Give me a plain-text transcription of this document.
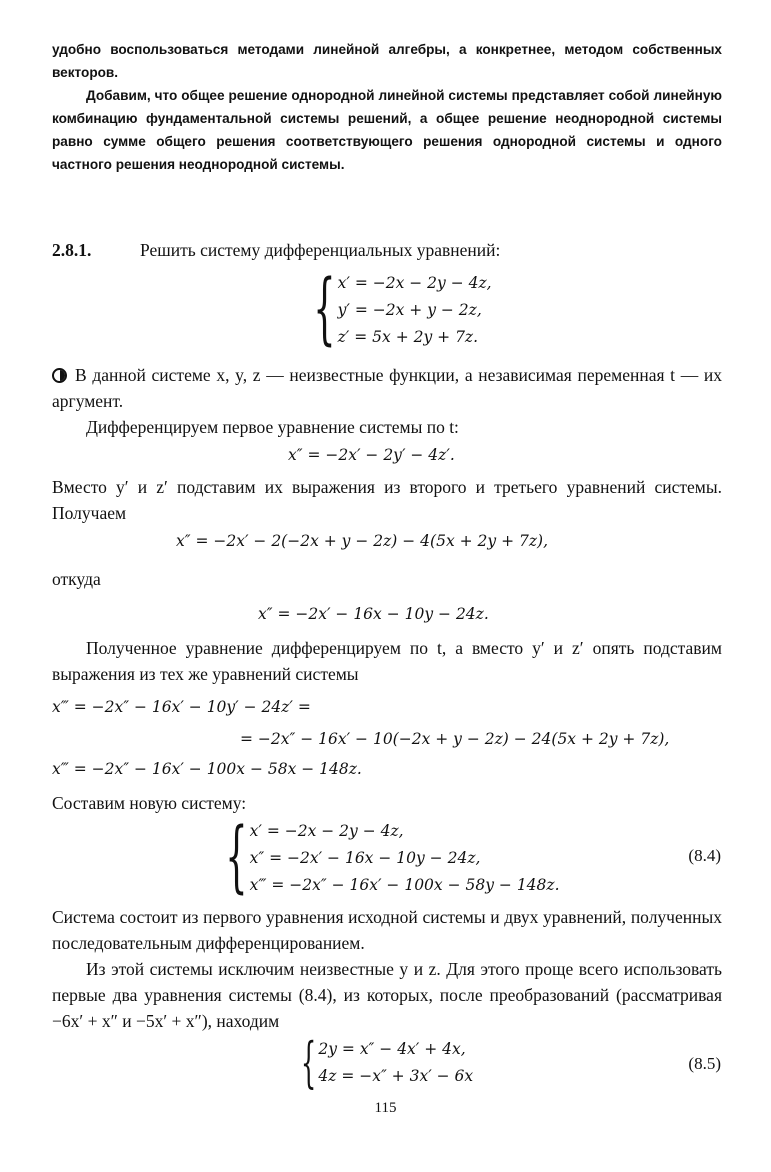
удобно воспользоваться методами линейной алгебры, а конкретнее, методом собственных векторов.

Добавим, что общее решение однородной линейной системы представляет собой линейную комбинацию фундаментальной системы решений, а общее решение неоднородной системы равно сумме общего решения соответствующего решения однородной системы и одного частного решения неоднородной системы.

2.8.1.	Решить систему дифференциальных уравнений:
{ x′ = −2x − 2y − 4z,
y′ = −2x + y − 2z,
z′ = 5x + 2y + 7z.

В данной системе x, y, z — неизвестные функции, а независимая переменная t — их аргумент.

Дифференцируем первое уравнение системы по t:

x″ = −2x′ − 2y′ − 4z′.
Вместо y′ и z′ подставим их выражения из второго и третьего уравнений системы. Получаем
x″ = −2x′ − 2(−2x + y − 2z) − 4(5x + 2y + 7z),
откуда
x″ = −2x′ − 16x − 10y − 24z.

Полученное уравнение дифференцируем по t, а вместо y′ и z′ опять подставим выражения из тех же уравнений системы

x‴ = −2x″ − 16x′ − 10y′ − 24z′ =
= −2x″ − 16x′ − 10(−2x + y − 2z) − 24(5x + 2y + 7z),
x‴ = −2x″ − 16x′ − 100x − 58x − 148z.
Составим новую систему:
{ x′ = −2x − 2y − 4z,
x″ = −2x′ − 16x − 10y − 24z,
x‴ = −2x″ − 16x′ − 100x − 58y − 148z.
(8.4)
Система состоит из первого уравнения исходной системы и двух уравнений, полученных последовательным дифференцированием.

Из этой системы исключим неизвестные y и z. Для этого проще всего использовать первые два уравнения системы (8.4), из которых, после преобразований (рассматривая −6x′ + x″ и −5x′ + x″), находим

{ 2y = x″ − 4x′ + 4x,
4z = −x″ + 3x′ − 6x
(8.5)
115
